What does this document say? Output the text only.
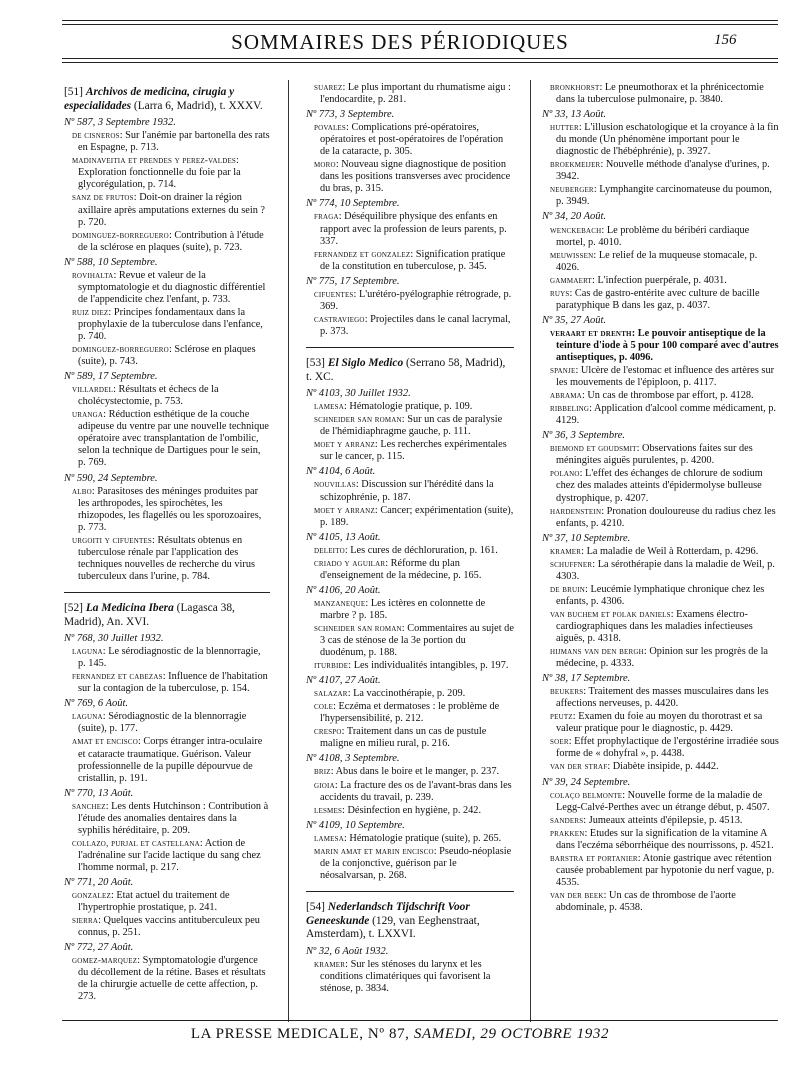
SOMMAIRES DES PÉRIODIQUES	156
[51] Archivos de medicina, cirugia y especialidades (Larra 6, Madrid), t. XXXV.
Nº 587, 3 Septembre 1932.
de cisneros: Sur l'anémie par bartonella des rats en Espagne, p. 713.
madinaveitia et prendes y perez-valdes: Exploration fonctionnelle du foie par la glycorégulation, p. 714.
sanz de frutos: Doit-on drainer la région axillaire après amputations externes du sein ? p. 720.
dominguez-borreguero: Contribution à l'étude de la sclérose en plaques (suite), p. 723.
Nº 588, 10 Septembre.
rovihalta: Revue et valeur de la symptomatologie et du diagnostic différentiel de l'appendicite chez l'enfant, p. 733.
ruiz diez: Principes fondamentaux dans la prophylaxie de la tuberculose dans l'enfance, p. 740.
dominguez-borreguero: Sclérose en plaques (suite), p. 743.
Nº 589, 17 Septembre.
villardel: Résultats et échecs de la cholécystectomie, p. 753.
uranga: Réduction esthétique de la couche adipeuse du ventre par une nouvelle technique opératoire avec transplantation de l'ombilic, selon la technique de Dartigues pour le sein, p. 769.
Nº 590, 24 Septembre.
albo: Parasitoses des méninges produites par les arthropodes, les spirochètes, les rhizopodes, les flagellés ou les sporozoaires, p. 773.
urgoiti y cifuentes: Résultats obtenus en tuberculose rénale par l'application des techniques nouvelles de recherche du virus tuberculeux dans l'urine, p. 784.
[52] La Medicina Ibera (Lagasca 38, Madrid), An. XVI.
Nº 768, 30 Juillet 1932.
laguna: Le sérodiagnostic de la blennorragie, p. 145.
fernandez et cabezas: Influence de l'habitation sur la contagion de la tuberculose, p. 154.
Nº 769, 6 Août.
laguna: Sérodiagnostic de la blennorragie (suite), p. 177.
amat et encisco: Corps étranger intra-oculaire et cataracte traumatique. Guérison. Valeur professionnelle de la pupille dépourvue de cristallin, p. 191.
Nº 770, 13 Août.
sanchez: Les dents Hutchinson : Contribution à l'étude des anomalies dentaires dans la syphilis héréditaire, p. 209.
collazo, purjal et castellana: Action de l'adrénaline sur l'acide lactique du sang chez l'homme normal, p. 217.
Nº 771, 20 Août.
gonzalez: Etat actuel du traitement de l'hypertrophie prostatique, p. 241.
sierra: Quelques vaccins antituberculeux peu connus, p. 251.
Nº 772, 27 Août.
gomez-marquez: Symptomatologie d'urgence du décollement de la rétine. Bases et résultats de la chirurgie actuelle de cette affection, p. 273.
suarez: Le plus important du rhumatisme aigu : l'endocardite, p. 281.
Nº 773, 3 Septembre.
povales: Complications pré-opératoires, opératoires et post-opératoires de l'opération de la cataracte, p. 305.
moro: Nouveau signe diagnostique de position dans les positions transverses avec procidence du bras, p. 315.
Nº 774, 10 Septembre.
fraga: Déséquilibre physique des enfants en rapport avec la profession de leurs parents, p. 337.
fernandez et gonzalez: Signification pratique de la constitution en tuberculose, p. 345.
Nº 775, 17 Septembre.
cifuentes: L'urétéro-pyélographie rétrograde, p. 369.
castraviego: Projectiles dans le canal lacrymal, p. 373.
[53] El Siglo Medico (Serrano 58, Madrid), t. XC.
Nº 4103, 30 Juillet 1932.
lamesa: Hématologie pratique, p. 109.
schneider san roman: Sur un cas de paralysie de l'hémidiaphragme gauche, p. 111.
moet y arranz: Les recherches expérimentales sur le cancer, p. 115.
Nº 4104, 6 Août.
nouvillas: Discussion sur l'hérédité dans la schizophrénie, p. 187.
moet y arranz: Cancer; expérimentation (suite), p. 189.
Nº 4105, 13 Août.
deleito: Les cures de déchloruration, p. 161.
criado y aguilar: Réforme du plan d'enseignement de la médecine, p. 165.
Nº 4106, 20 Août.
manzaneque: Les ictères en colonnette de marbre ? p. 185.
schneider san roman: Commentaires au sujet de 3 cas de sténose de la 3e portion du duodénum, p. 188.
iturbide: Les individualités intangibles, p. 197.
Nº 4107, 27 Août.
salazar: La vaccinothérapie, p. 209.
cole: Eczéma et dermatoses : le problème de l'hypersensibilité, p. 212.
crespo: Traitement dans un cas de pustule maligne en milieu rural, p. 216.
Nº 4108, 3 Septembre.
briz: Abus dans le boire et le manger, p. 237.
gioia: La fracture des os de l'avant-bras dans les accidents du travail, p. 239.
lesmes: Désinfection en hygiène, p. 242.
Nº 4109, 10 Septembre.
lamesa: Hématologie pratique (suite), p. 265.
marin amat et marin encisco: Pseudo-néoplasie de la conjonctive, guérison par le néosalvarsan, p. 268.
[54] Nederlandsch Tijdschrift Voor Geneeskunde (129, van Eeghenstraat, Amsterdam), t. LXXVI.
Nº 32, 6 Août 1932.
kramer: Sur les sténoses du larynx et les conditions climatériques qui favorisent la sténose, p. 3834.
bronkhorst: Le pneumothorax et la phrénicectomie dans la tuberculose pulmonaire, p. 3840.
Nº 33, 13 Août.
hutter: L'illusion eschatologique et la croyance à la fin du monde (Un phénomène important pour le diagnostic de l'hébéphrénie), p. 3927.
broekmeijer: Nouvelle méthode d'analyse d'urines, p. 3942.
neuberger: Lymphangite carcinomateuse du poumon, p. 3949.
Nº 34, 20 Août.
wenckebach: Le problème du béribéri cardiaque mortel, p. 4010.
meuwissen: Le relief de la muqueuse stomacale, p. 4026.
gammaert: L'infection puerpérale, p. 4031.
ruys: Cas de gastro-entérite avec culture de bacille paratyphique B dans les gaz, p. 4037.
Nº 35, 27 Août.
veraart et drenth: Le pouvoir antiseptique de la teinture d'iode à 5 pour 100 comparé avec d'autres antiseptiques, p. 4096.
spanje: Ulcère de l'estomac et influence des artères sur les mouvements de l'épiploon, p. 4117.
abrama: Un cas de thrombose par effort, p. 4128.
ribbeling: Application d'alcool comme médicament, p. 4129.
Nº 36, 3 Septembre.
biemond et goudsmit: Observations faites sur des méningites aiguës purulentes, p. 4200.
polano: L'effet des échanges de chlorure de sodium chez des malades atteints d'épidermolyse bulleuse dystrophique, p. 4207.
hardenstein: Pronation douloureuse du radius chez les enfants, p. 4210.
Nº 37, 10 Septembre.
kramer: La maladie de Weil à Rotterdam, p. 4296.
schuffner: La sérothérapie dans la maladie de Weil, p. 4303.
de bruin: Leucémie lymphatique chronique chez les enfants, p. 4306.
van buchem et polak daniels: Examens électro-cardiographiques dans les maladies infectieuses aiguës, p. 4318.
hijmans van den bergh: Opinion sur les progrès de la médecine, p. 4333.
Nº 38, 17 Septembre.
beukers: Traitement des masses musculaires dans les affections nerveuses, p. 4420.
peutz: Examen du foie au moyen du thorotrast et sa valeur pratique pour le diagnostic, p. 4429.
soer: Effet prophylactique de l'ergostérine irradiée sous forme de « dohyfral », p. 4438.
van der straf: Diabète insipide, p. 4442.
Nº 39, 24 Septembre.
colaço belmonte: Nouvelle forme de la maladie de Legg-Calvé-Perthes avec un étrange début, p. 4507.
sanders: Jumeaux atteints d'épilepsie, p. 4513.
prakken: Etudes sur la signification de la vitamine A dans l'eczéma séborrhéique des nourrissons, p. 4521.
barstra et portanier: Atonie gastrique avec rétention causée probablement par hypotonie du nerf vague, p. 4535.
van der beek: Un cas de thrombose de l'aorte abdominale, p. 4538.
LA PRESSE MEDICALE, Nº 87, SAMEDI, 29 OCTOBRE 1932
